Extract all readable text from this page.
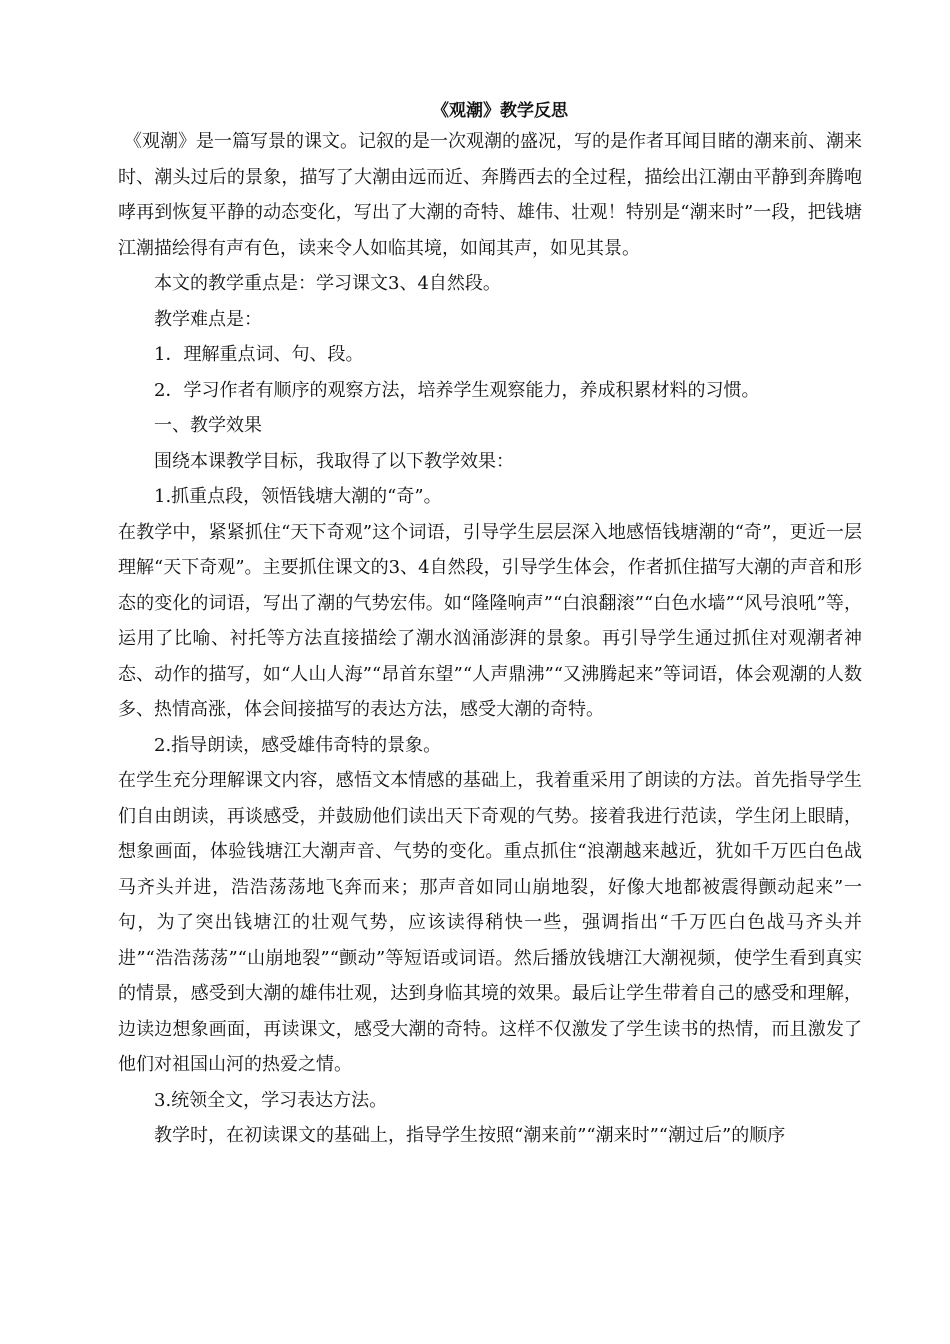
《观潮》教学反思

《观潮》是一篇写景的课文。记叙的是一次观潮的盛况，写的是作者耳闻目睹的潮来前、潮来时、潮头过后的景象，描写了大潮由远而近、奔腾西去的全过程，描绘出江潮由平静到奔腾咆哮再到恢复平静的动态变化，写出了大潮的奇特、雄伟、壮观！特别是“潮来时”一段，把钱塘江潮描绘得有声有色，读来令人如临其境，如闻其声，如见其景。

本文的教学重点是：学习课文3、4自然段。

教学难点是：

1．理解重点词、句、段。

2．学习作者有顺序的观察方法，培养学生观察能力，养成积累材料的习惯。

一、教学效果

围绕本课教学目标，我取得了以下教学效果：

1.抓重点段，领悟钱塘大潮的“奇”。

在教学中，紧紧抓住“天下奇观”这个词语，引导学生层层深入地感悟钱塘潮的“奇”，更近一层理解“天下奇观”。主要抓住课文的3、4自然段，引导学生体会，作者抓住描写大潮的声音和形态的变化的词语，写出了潮的气势宏伟。如“隆隆响声”“白浪翻滚”“白色水墙”“风号浪吼”等，运用了比喻、衬托等方法直接描绘了潮水汹涌澎湃的景象。再引导学生通过抓住对观潮者神态、动作的描写，如“人山人海”“昂首东望”“人声鼎沸”“又沸腾起来”等词语，体会观潮的人数多、热情高涨，体会间接描写的表达方法，感受大潮的奇特。

2.指导朗读，感受雄伟奇特的景象。

在学生充分理解课文内容，感悟文本情感的基础上，我着重采用了朗读的方法。首先指导学生们自由朗读，再谈感受，并鼓励他们读出天下奇观的气势。接着我进行范读，学生闭上眼睛，想象画面，体验钱塘江大潮声音、气势的变化。重点抓住“浪潮越来越近，犹如千万匹白色战马齐头并进，浩浩荡荡地飞奔而来；那声音如同山崩地裂，好像大地都被震得颤动起来”一句，为了突出钱塘江的壮观气势，应该读得稍快一些，强调指出“千万匹白色战马齐头并进”“浩浩荡荡”“山崩地裂”“颤动”等短语或词语。然后播放钱塘江大潮视频，使学生看到真实的情景，感受到大潮的雄伟壮观，达到身临其境的效果。最后让学生带着自己的感受和理解，边读边想象画面，再读课文，感受大潮的奇特。这样不仅激发了学生读书的热情，而且激发了他们对祖国山河的热爱之情。

3.统领全文，学习表达方法。

教学时，在初读课文的基础上，指导学生按照“潮来前”“潮来时”“潮过后”的顺序
